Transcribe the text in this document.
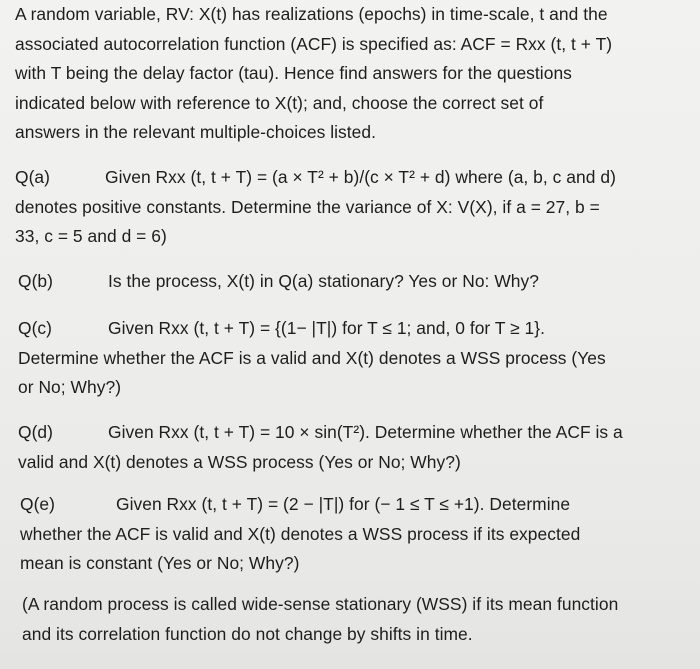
A random variable, RV: X(t) has realizations (epochs) in time-scale, t and the
associated autocorrelation function (ACF) is specified as: ACF = Rxx (t, t + T)
with T being the delay factor (tau). Hence find answers for the questions
indicated below with reference to X(t); and, choose the correct set of
answers in the relevant multiple-choices listed.
Q(a)	Given Rxx (t, t + T) = (a × T² + b)/(c × T² + d) where (a, b, c and d)
denotes positive constants. Determine the variance of X: V(X), if a = 27, b =
33, c = 5 and d = 6)
Q(b)	Is the process, X(t) in Q(a) stationary? Yes or No: Why?
Q(c)	Given Rxx (t, t + T) = {(1− |T|) for T ≤ 1; and, 0 for T ≥ 1}.
Determine whether the ACF is a valid and X(t) denotes a WSS process (Yes
or No; Why?)
Q(d)	Given Rxx (t, t + T) = 10 × sin(T²). Determine whether the ACF is a
valid and X(t) denotes a WSS process (Yes or No; Why?)
Q(e)	Given Rxx (t, t + T) = (2 − |T|) for (− 1 ≤ T ≤ +1). Determine
whether the ACF is valid and X(t) denotes a WSS process if its expected
mean is constant (Yes or No; Why?)
(A random process is called wide-sense stationary (WSS) if its mean function
and its correlation function do not change by shifts in time.
